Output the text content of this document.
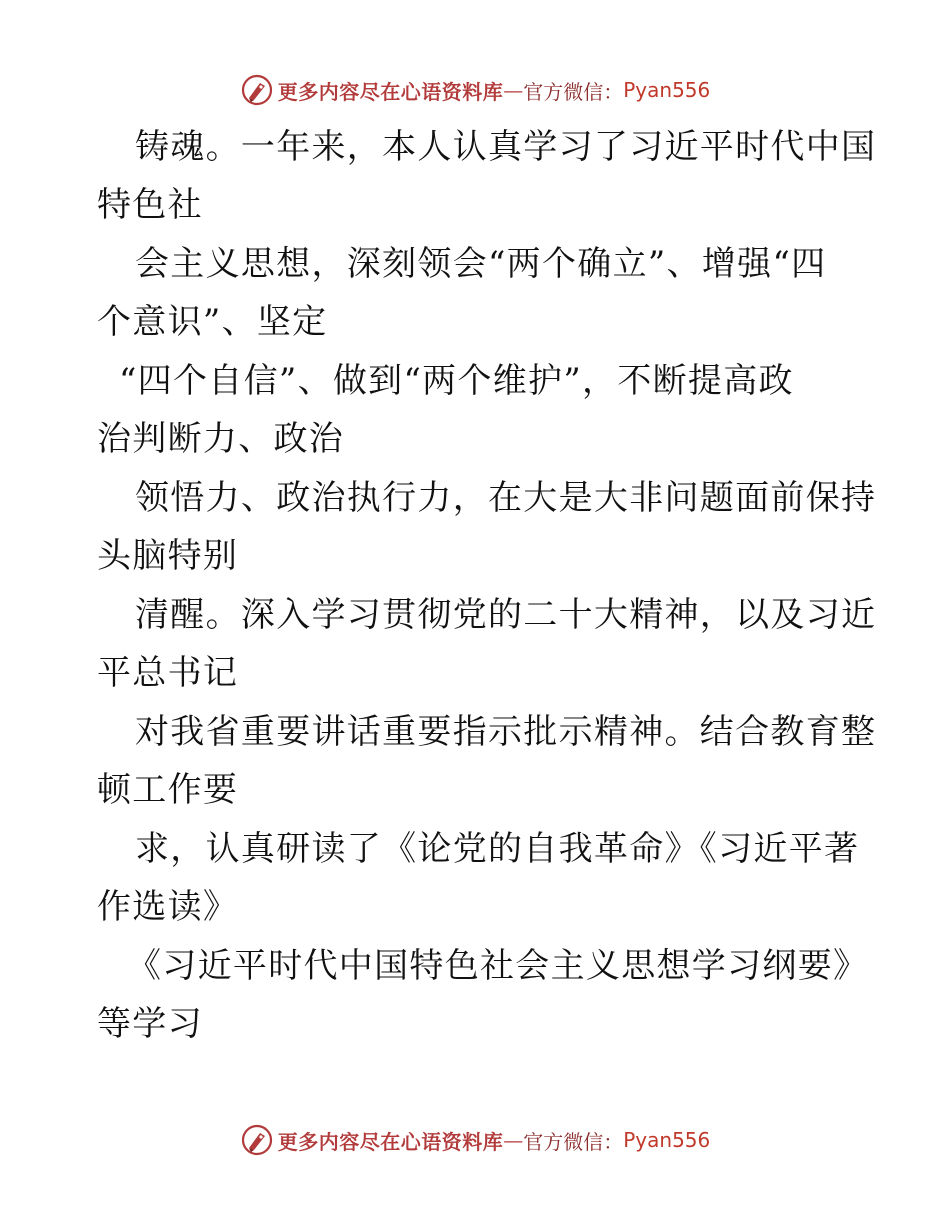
更多内容尽在心语资料库 — 官方微信： Pyan556
铸魂。一年来，本人认真学习了习近平时代中国
特色社
会主义思想，深刻领会“两个确立”、增强“四
个意识”、坚定
“四个自信”、做到“两个维护”，不断提高政
治判断力、政治
领悟力、政治执行力，在大是大非问题面前保持
头脑特别
清醒。深入学习贯彻党的二十大精神，以及习近
平总书记
对我省重要讲话重要指示批示精神。结合教育整
顿工作要
求，认真研读了《论党的自我革命》《习近平著
作选读》
《习近平时代中国特色社会主义思想学习纲要》
等学习
更多内容尽在心语资料库 — 官方微信： Pyan556
